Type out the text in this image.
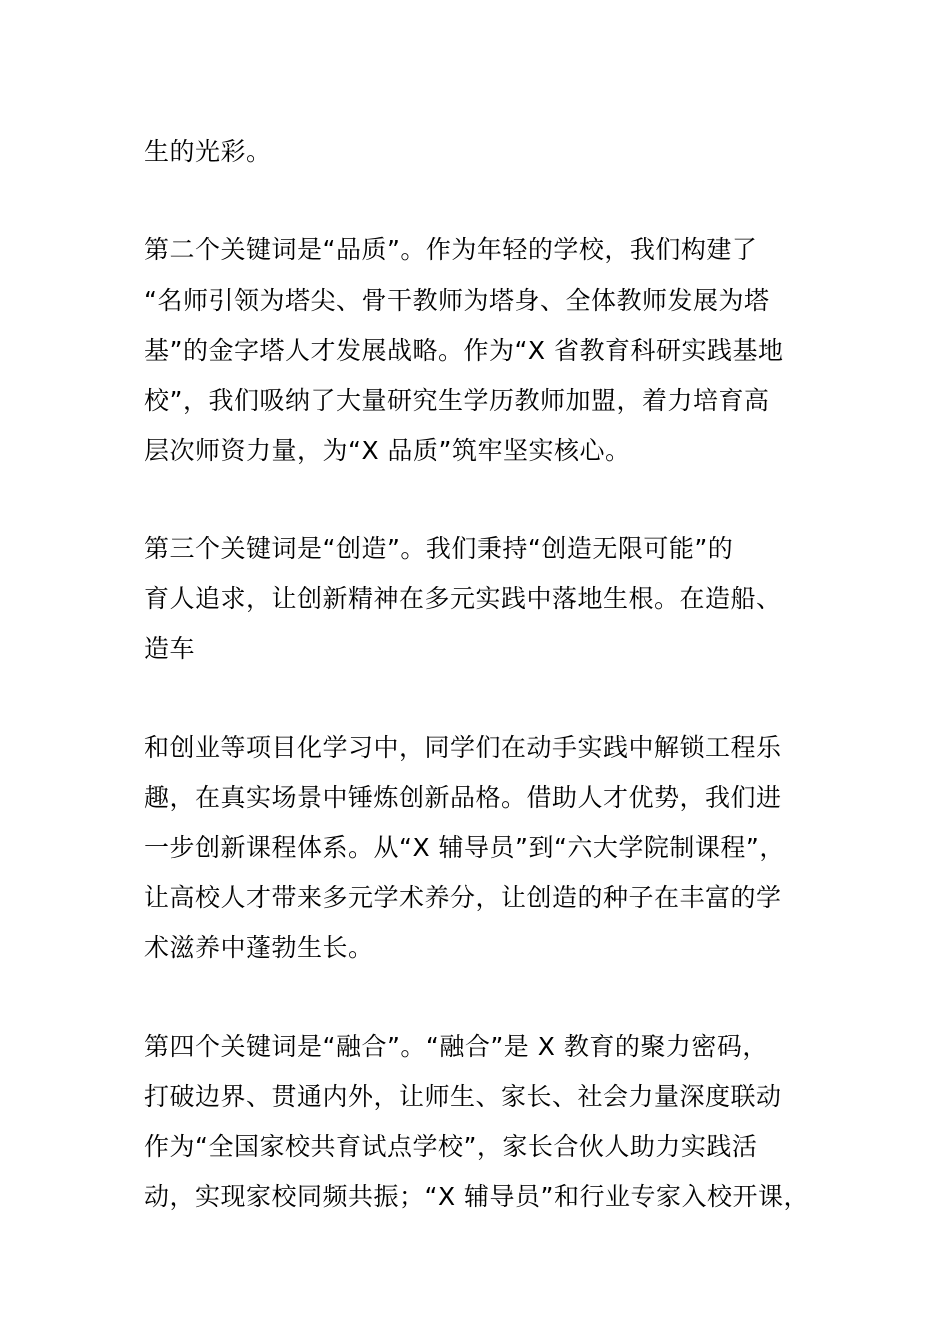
生的光彩。
第二个关键词是“品质”。作为年轻的学校，我们构建了
“名师引领为塔尖、骨干教师为塔身、全体教师发展为塔
基”的金字塔人才发展战略。作为“X 省教育科研实践基地
校”，我们吸纳了大量研究生学历教师加盟，着力培育高
层次师资力量，为“X 品质”筑牢坚实核心。
第三个关键词是“创造”。我们秉持“创造无限可能”的
育人追求，让创新精神在多元实践中落地生根。在造船、
造车
和创业等项目化学习中，同学们在动手实践中解锁工程乐
趣，在真实场景中锤炼创新品格。借助人才优势，我们进
一步创新课程体系。从“X 辅导员”到“六大学院制课程”，
让高校人才带来多元学术养分，让创造的种子在丰富的学
术滋养中蓬勃生长。
第四个关键词是“融合”。“融合”是 X 教育的聚力密码，
打破边界、贯通内外，让师生、家长、社会力量深度联动
作为“全国家校共育试点学校”，家长合伙人助力实践活
动，实现家校同频共振；“X 辅导员”和行业专家入校开课，
